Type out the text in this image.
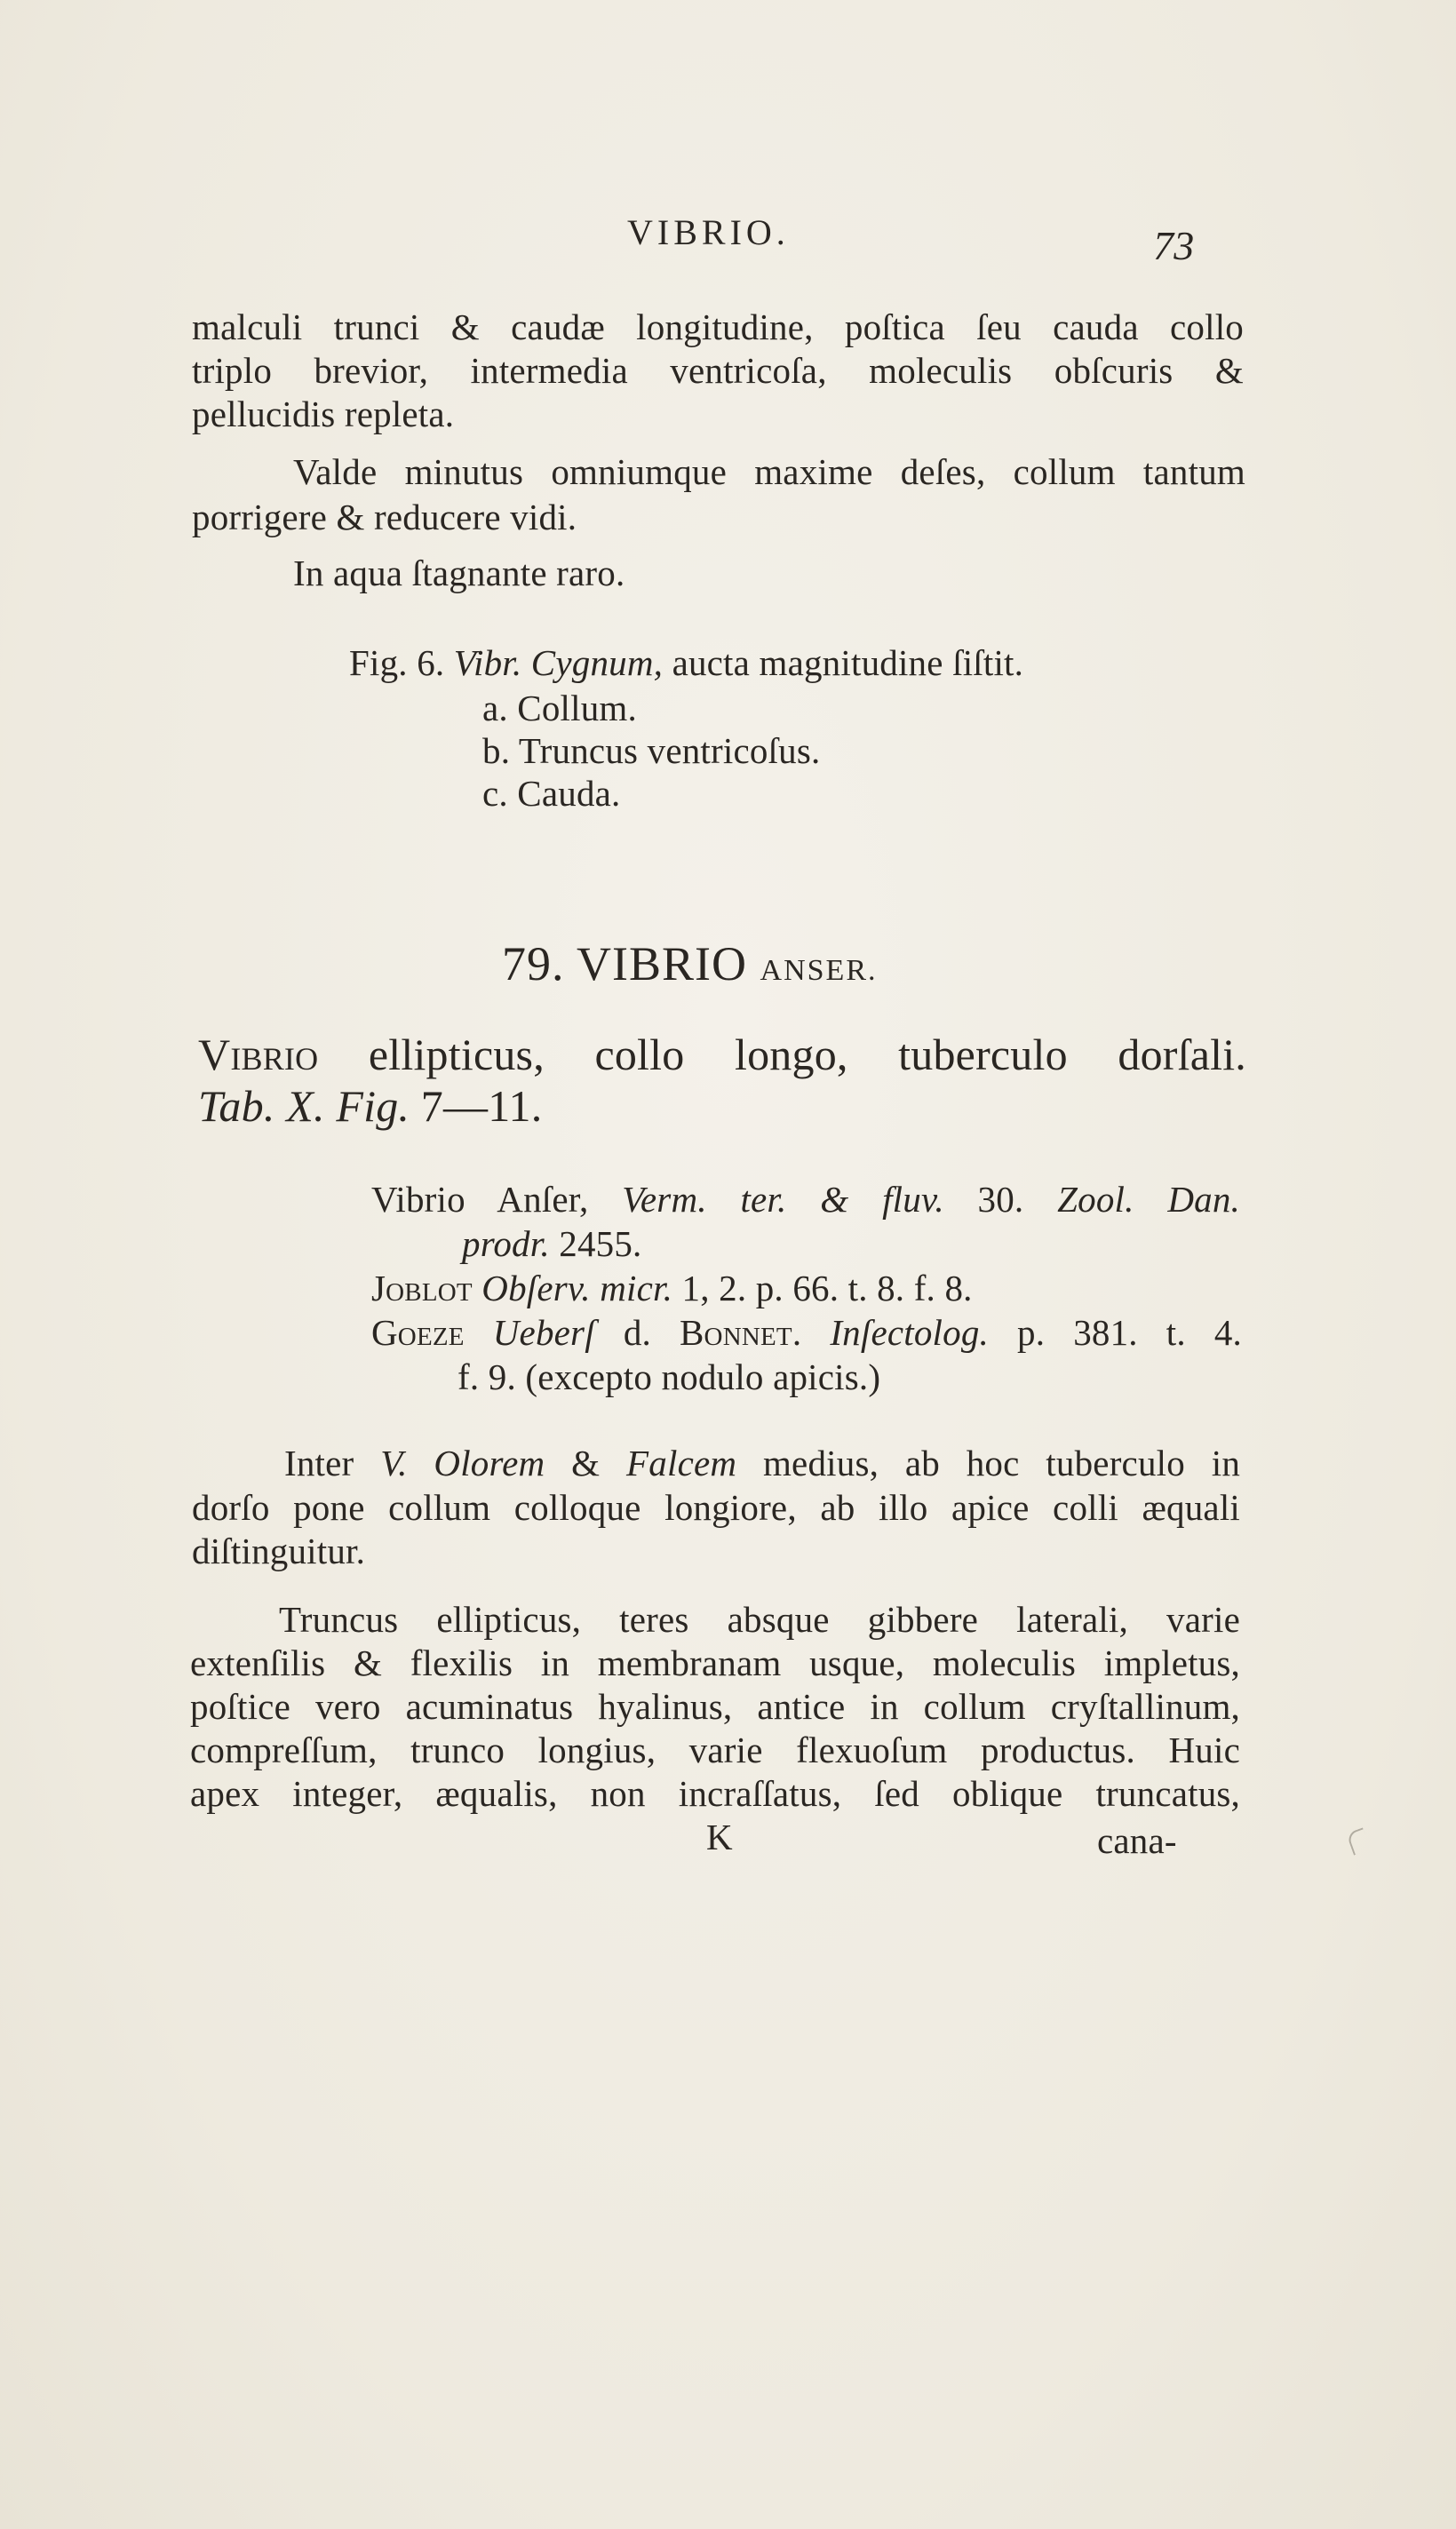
VIBRIO.	73
malculi trunci & caudæ longitudine, poſtica ſeu cauda collo
triplo brevior, intermedia ventricoſa, moleculis obſcuris &
pellucidis repleta.
Valde minutus omniumque maxime deſes, collum tantum
porrigere & reducere vidi.
In aqua ſtagnante raro.
Fig. 6. Vibr. Cygnum, aucta magnitudine ſiſtit.
a. Collum.
b. Truncus ventricoſus.
c. Cauda.
79. VIBRIO ANSER.
VIBRIO ellipticus, collo longo, tuberculo dorſali.
Tab. X. Fig. 7—11.
Vibrio Anſer, Verm. ter. & fluv. 30. Zool. Dan.
prodr. 2455.
Joblot Obſerv. micr. 1, 2. p. 66. t. 8. f. 8.
Goeze Ueberſ d. Bonnet. Inſectolog. p. 381. t. 4.
f. 9. (excepto nodulo apicis.)
Inter V. Olorem & Falcem medius, ab hoc tuberculo in
dorſo pone collum colloque longiore, ab illo apice colli æquali
diſtinguitur.
Truncus ellipticus, teres absque gibbere laterali, varie
extenſilis & flexilis in membranam usque, moleculis impletus,
poſtice vero acuminatus hyalinus, antice in collum cryſtallinum,
compreſſum, trunco longius, varie flexuoſum productus. Huic
apex integer, æqualis, non incraſſatus, ſed oblique truncatus,
K	cana-
